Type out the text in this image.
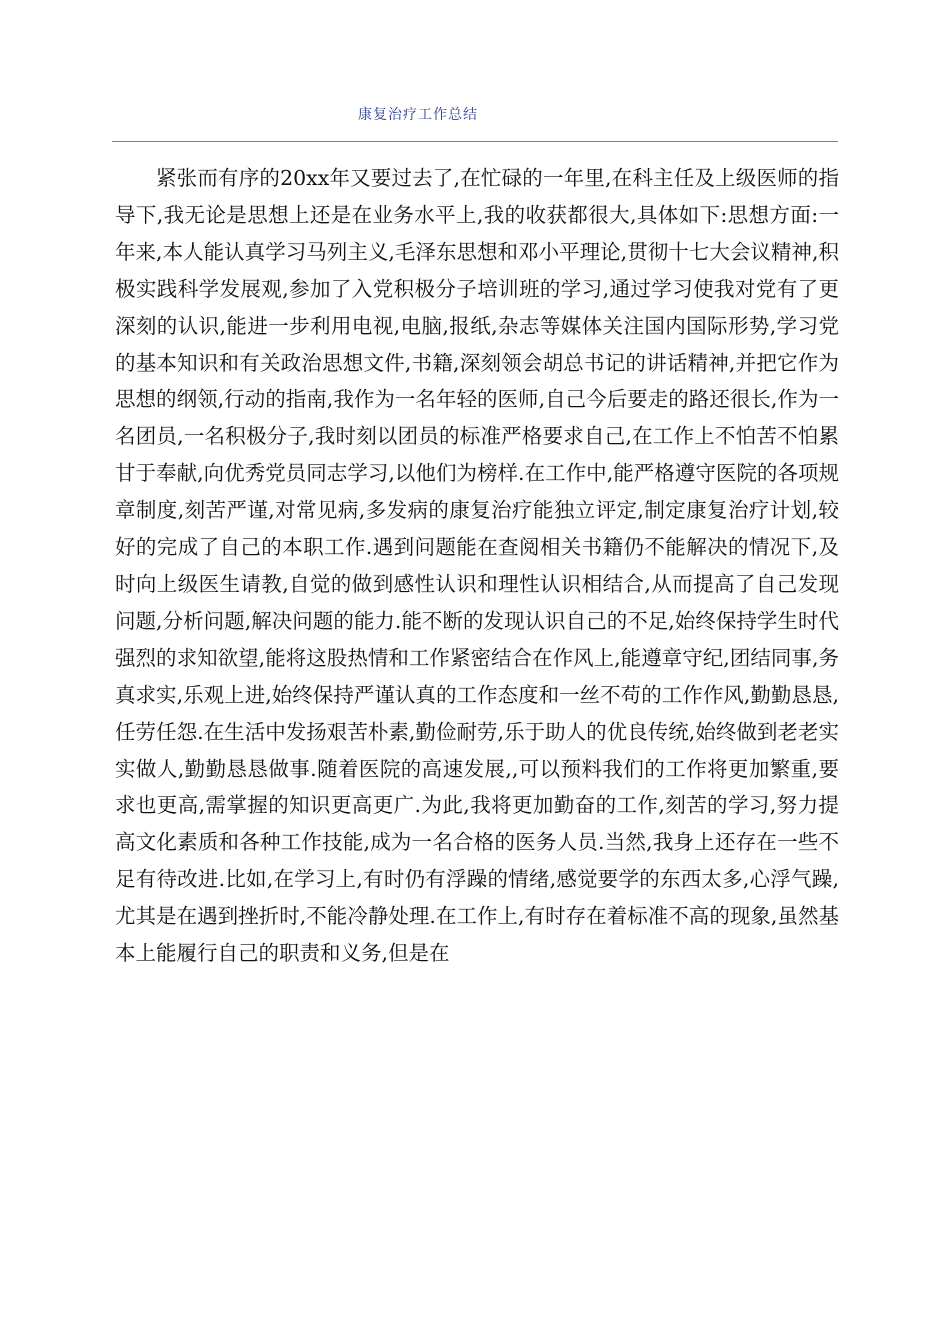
康复治疗工作总结

紧张而有序的20xx年又要过去了,在忙碌的一年里,在科主任及上级医师的指导下,我无论是思想上还是在业务水平上,我的收获都很大,具体如下:思想方面:一年来,本人能认真学习马列主义,毛泽东思想和邓小平理论,贯彻十七大会议精神,积极实践科学发展观,参加了入党积极分子培训班的学习,通过学习使我对党有了更深刻的认识,能进一步利用电视,电脑,报纸,杂志等媒体关注国内国际形势,学习党的基本知识和有关政治思想文件,书籍,深刻领会胡总书记的讲话精神,并把它作为思想的纲领,行动的指南,我作为一名年轻的医师,自己今后要走的路还很长,作为一名团员,一名积极分子,我时刻以团员的标准严格要求自己,在工作上不怕苦不怕累甘于奉献,向优秀党员同志学习,以他们为榜样.在工作中,能严格遵守医院的各项规章制度,刻苦严谨,对常见病,多发病的康复治疗能独立评定,制定康复治疗计划,较好的完成了自己的本职工作.遇到问题能在查阅相关书籍仍不能解决的情况下,及时向上级医生请教,自觉的做到感性认识和理性认识相结合,从而提高了自己发现问题,分析问题,解决问题的能力.能不断的发现认识自己的不足,始终保持学生时代强烈的求知欲望,能将这股热情和工作紧密结合在作风上,能遵章守纪,团结同事,务真求实,乐观上进,始终保持严谨认真的工作态度和一丝不苟的工作作风,勤勤恳恳,任劳任怨.在生活中发扬艰苦朴素,勤俭耐劳,乐于助人的优良传统,始终做到老老实实做人,勤勤恳恳做事.随着医院的高速发展,,可以预料我们的工作将更加繁重,要求也更高,需掌握的知识更高更广.为此,我将更加勤奋的工作,刻苦的学习,努力提高文化素质和各种工作技能,成为一名合格的医务人员.当然,我身上还存在一些不足有待改进.比如,在学习上,有时仍有浮躁的情绪,感觉要学的东西太多,心浮气躁,尤其是在遇到挫折时,不能冷静处理.在工作上,有时存在着标准不高的现象,虽然基本上能履行自己的职责和义务,但是在
